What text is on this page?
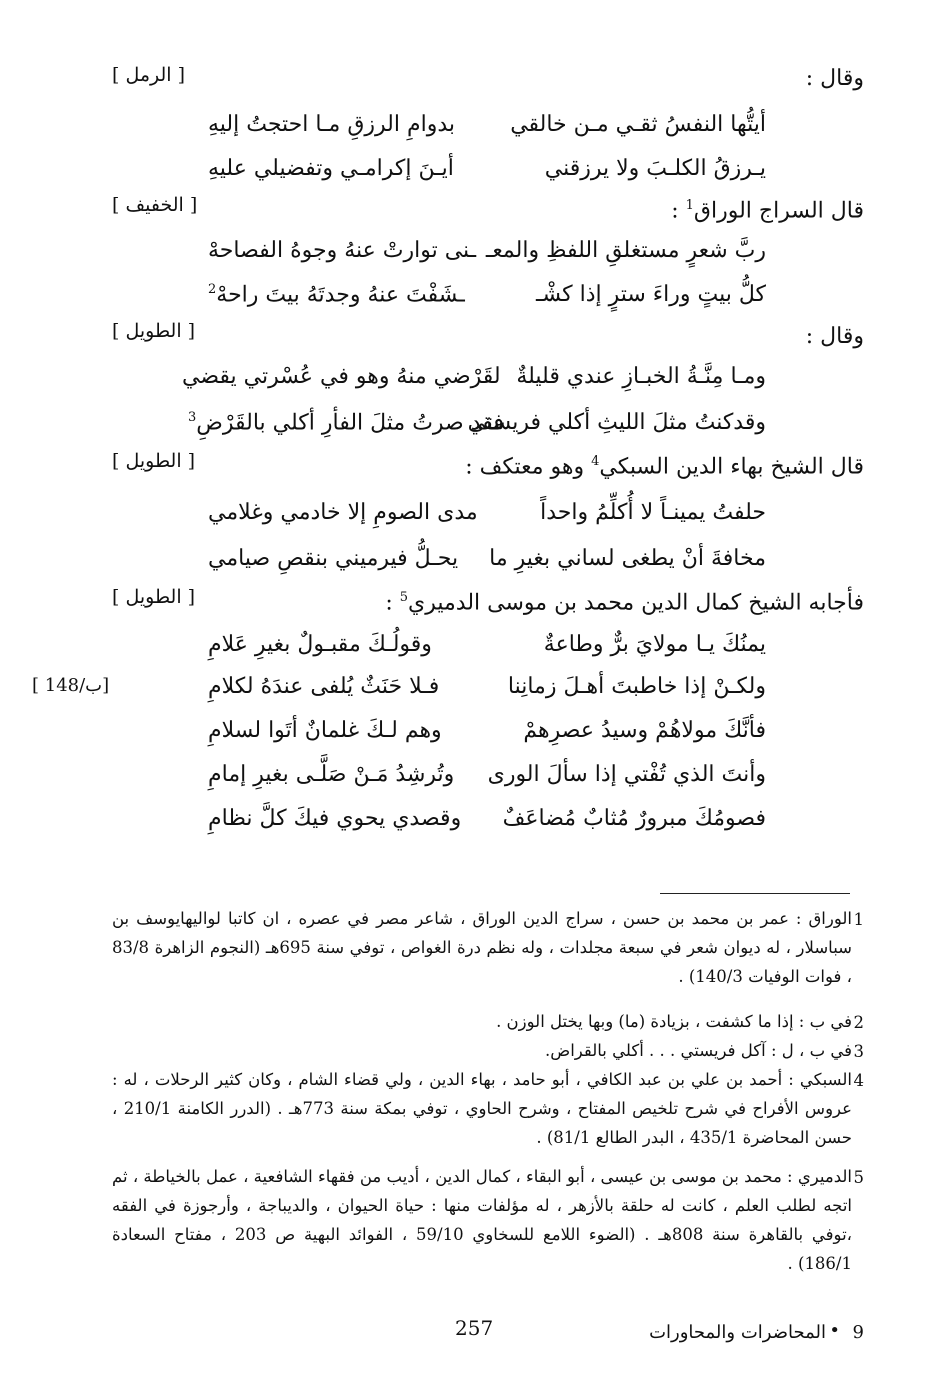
وقال :
[ الرمل ]
أيتُّها النفسُ ثقـي مـن خالقي
بدوامِ الرزقِ مـا احتجتُ إليهِ
يـرزقُ الكلـبَ ولا يرزقني
أيـنَ إكرامـي وتفضيلي عليهِ
قال السراج الوراق$^1$ :
[ الخفيف ]
ربَّ شعرٍ مستغلقِ اللفظِ والمعـ
ـنى توارتْ عنهُ وجوهُ الفصاحهْ
كلُّ بيتٍ وراءَ سترٍ إذا كشْـ
ـشَفْتَ عنهُ وجدتَهُ بيتَ راحهْ$^2$
وقال :
[ الطويل ]
ومـا مِنَّـةُ الخبـازِ عندي قليلةٌ
لقَرْضي منهُ وهو في عُسْرتي يقضي
وقدكنتُ مثلَ الليثِ أكلي فريستي
فقد صرتُ مثلَ الفأرِ أكلي بالقَرْضِ$^3$
قال الشيخ بهاء الدين السبكي$^4$ وهو معتكف :
[ الطويل ]
حلفتُ يمينـاً لا أُكلِّمُ واحداً
مدى الصومِ إلا خادمي وغلامي
مخافةَ أنْ يطغى لساني بغيرِ ما
يحـلُّ فيرميني بنقصِ صيامي
فأجابه الشيخ كمال الدين محمد بن موسى الدميري$^5$ :
[ الطويل ]
يمنُكَ يـا مولايَ برٌّ وطاعةٌ
وقولُـكَ مقبـولٌ بغيرِ عَلامِ
ولكـنْ إذا خاطبتَ أهـلَ زمانِنا
فـلا حَنَثٌ يُلفى عندَهُ لكلامِ
فأنَّكَ مولاهُمْ وسيدُ عصرِهمْ
وهم لـكَ غلمانٌ أتَوا لسلامِ
وأنتَ الذي تُفْتي إذا سألَ الورى
وتُرشِدُ مَـنْ صَلَّـى بغيرِ إمامِ
فصومُكَ مبرورٌ مُثابٌ مُضاعَفٌ
وقصدي يحوي فيكَ كلَّ نظامِ
[ 148/ب]
1
الوراق : عمر بن محمد بن حسن ، سراج الدين الوراق ، شاعر مصر في عصره ، ان كاتبا لواليهايوسف بن سباسلار ، له ديوان شعر في سبعة مجلدات ، وله نظم درة الغواص ، توفي سنة 695هـ (النجوم الزاهرة 83/8 ، فوات الوفيات 140/3) .
2
في ب : إذا ما كشفت ، بزيادة (ما) وبها يختل الوزن .
3
في ب ، ل : آكل فريستي . . . أكلي بالقراض.
4
السبكي : أحمد بن علي بن عبد الكافي ، أبو حامد ، بهاء الدين ، ولي قضاء الشام ، وكان كثير الرحلات ، له : عروس الأفراح في شرح تلخيص المفتاح ، وشرح الحاوي ، توفي بمكة سنة 773هـ . (الدرر الكامنة 210/1 ، حسن المحاضرة 435/1 ، البدر الطالع 81/1) .
5
الدميري : محمد بن موسى بن عيسى ، أبو البقاء ، كمال الدين ، أديب من فقهاء الشافعية ، عمل بالخياطة ، ثم اتجه لطلب العلم ، كانت له حلقة بالأزهر ، له مؤلفات منها : حياة الحيوان ، والديباجة ، وأرجوزة في الفقه ،توفي بالقاهرة سنة 808هـ . (الضوء اللامع للسخاوي 59/10 ، الفوائد البهية ص 203 ، مفتاح السعادة 186/1) .
257	9
•
المحاضرات والمحاورات
